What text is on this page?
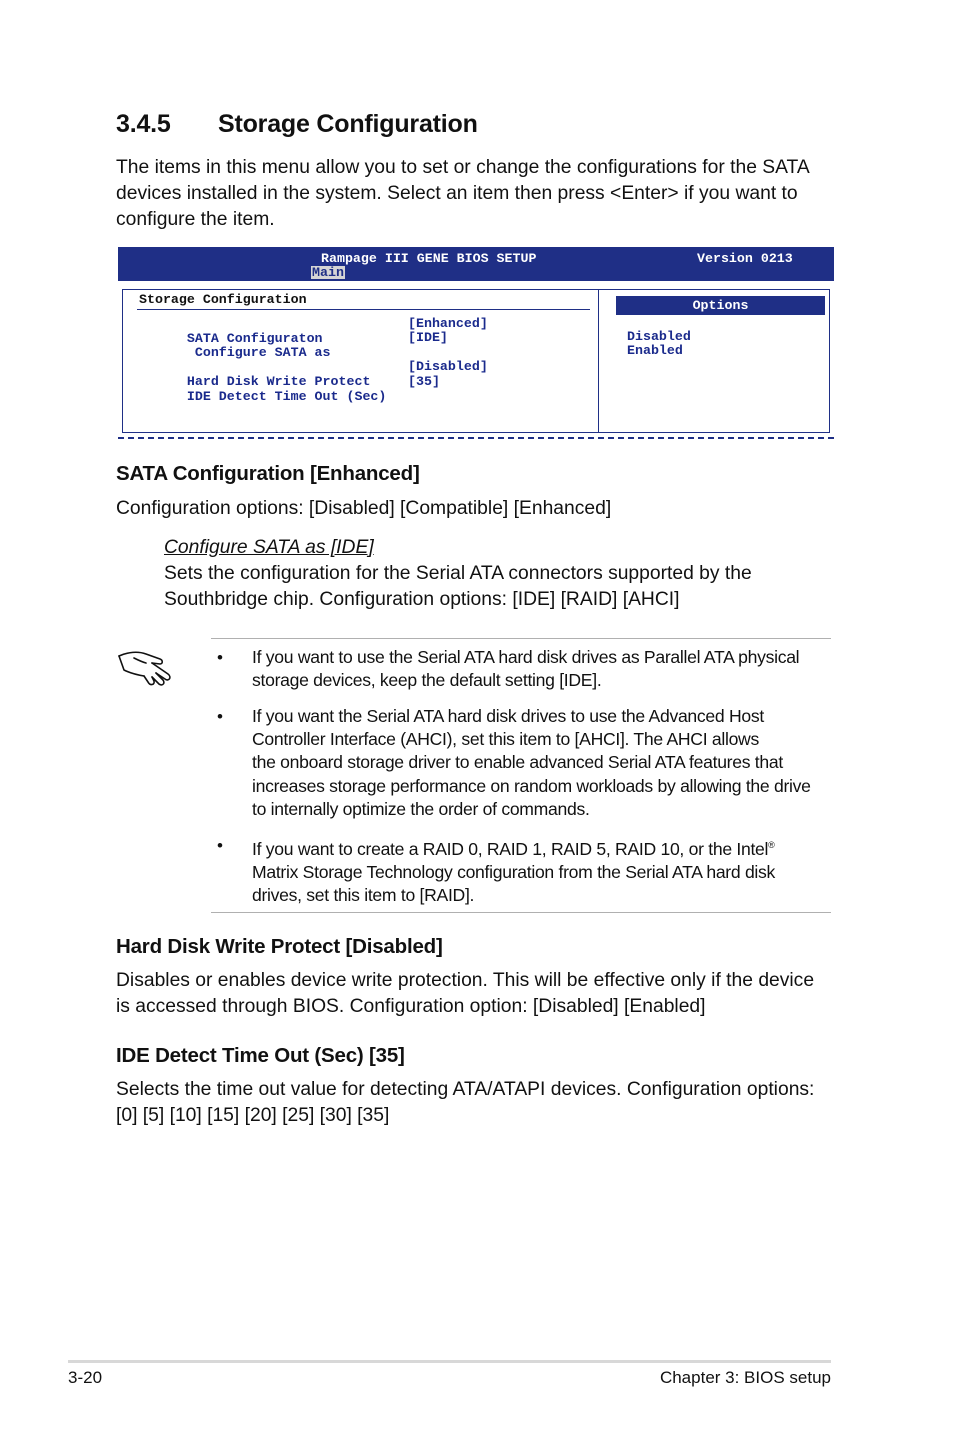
3.4.5 Storage Configuration
The items in this menu allow you to set or change the configurations for the SATA
devices installed in the system. Select an item then press <Enter> if you want to
configure the item.
Rampage III GENE BIOS SETUP	Version 0213
Main
Storage Configuration

SATA Configuraton

[Enhanced]

Configure SATA as

[IDE]

Hard Disk Write Protect

[Disabled]

IDE Detect Time Out (Sec)

[35]

Options
Disabled
Enabled
SATA Configuration [Enhanced]
Configuration options: [Disabled] [Compatible] [Enhanced]
Configure SATA as [IDE]
Sets the configuration for the Serial ATA connectors supported by the
Southbridge chip. Configuration options: [IDE] [RAID] [AHCI]
• If you want to use the Serial ATA hard disk drives as Parallel ATA physical
storage devices, keep the default setting [IDE].
• If you want the Serial ATA hard disk drives to use the Advanced Host
Controller Interface (AHCI), set this item to [AHCI]. The AHCI allows
the onboard storage driver to enable advanced Serial ATA features that
increases storage performance on random workloads by allowing the drive
to internally optimize the order of commands.
• If you want to create a RAID 0, RAID 1, RAID 5, RAID 10, or the Intel®
Matrix Storage Technology configuration from the Serial ATA hard disk
drives, set this item to [RAID].
Hard Disk Write Protect [Disabled]
Disables or enables device write protection. This will be effective only if the device
is accessed through BIOS. Configuration option: [Disabled] [Enabled]
IDE Detect Time Out (Sec) [35]
Selects the time out value for detecting ATA/ATAPI devices. Configuration options:
[0] [5] [10] [15] [20] [25] [30] [35]
3-20	Chapter 3: BIOS setup
